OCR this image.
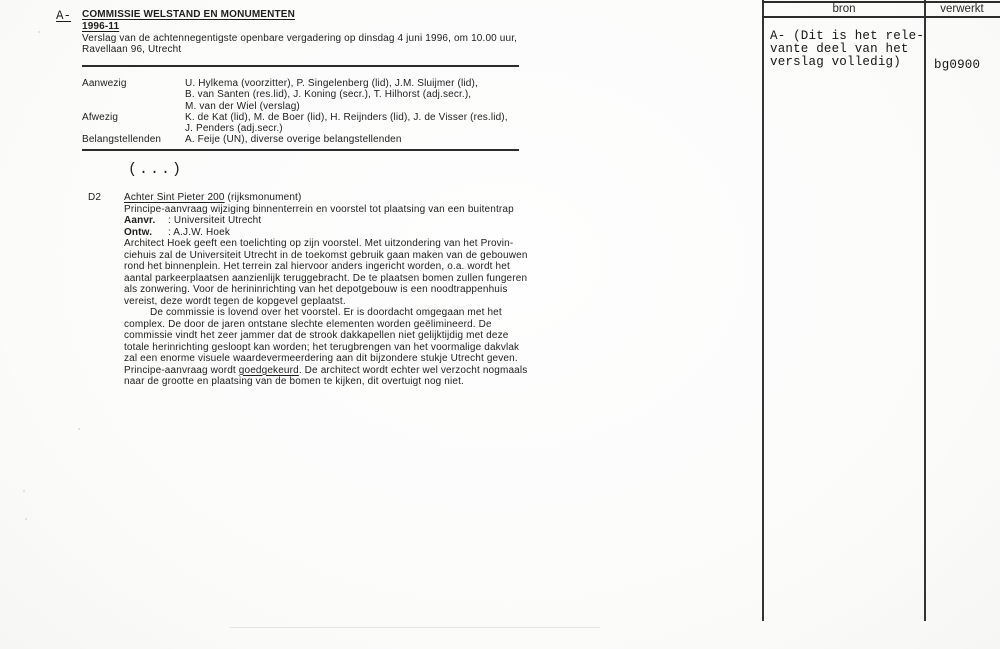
A- COMMISSIE WELSTAND EN MONUMENTEN
1996-11
Verslag van de achtennegentigste openbare vergadering op dinsdag 4 juni 1996, om 10.00 uur,
Ravellaan 96, Utrecht
Aanwezig	U. Hylkema (voorzitter), P. Singelenberg (lid), J.M. Sluijmer (lid),
B. van Santen (res.lid), J. Koning (secr.), T. Hilhorst (adj.secr.),
M. van der Wiel (verslag)
Afwezig	K. de Kat (lid), M. de Boer (lid), H. Reijnders (lid), J. de Visser (res.lid),
J. Penders (adj.secr.)
Belangstellenden A. Feije (UN), diverse overige belangstellenden
(...)
D2 Achter Sint Pieter 200 (rijksmonument)
Principe-aanvraag wijziging binnenterrein en voorstel tot plaatsing van een buitentrap
Aanvr. : Universiteit Utrecht
Ontw. : A.J.W. Hoek
Architect Hoek geeft een toelichting op zijn voorstel. Met uitzondering van het Provin-
ciehuis zal de Universiteit Utrecht in de toekomst gebruik gaan maken van de gebouwen
rond het binnenplein. Het terrein zal hiervoor anders ingericht worden, o.a. wordt het
aantal parkeerplaatsen aanzienlijk teruggebracht. De te plaatsen bomen zullen fungeren
als zonwering. Voor de herininrichting van het depotgebouw is een noodtrappenhuis
vereist, deze wordt tegen de kopgevel geplaatst.
De commissie is lovend over het voorstel. Er is doordacht omgegaan met het
complex. De door de jaren ontstane slechte elementen worden geëlimineerd. De
commissie vindt het zeer jammer dat de strook dakkapellen niet gelijktijdig met deze
totale herinrichting gesloopt kan worden; het terugbrengen van het voormalige dakvlak
zal een enorme visuele waardevermeerdering aan dit bijzondere stukje Utrecht geven.
Principe-aanvraag wordt goedgekeurd. De architect wordt echter wel verzocht nogmaals
naar de grootte en plaatsing van de bomen te kijken, dit overtuigt nog niet.
bron	verwerkt
A- (Dit is het rele-
vante deel van het
verslag volledig)	bg0900
